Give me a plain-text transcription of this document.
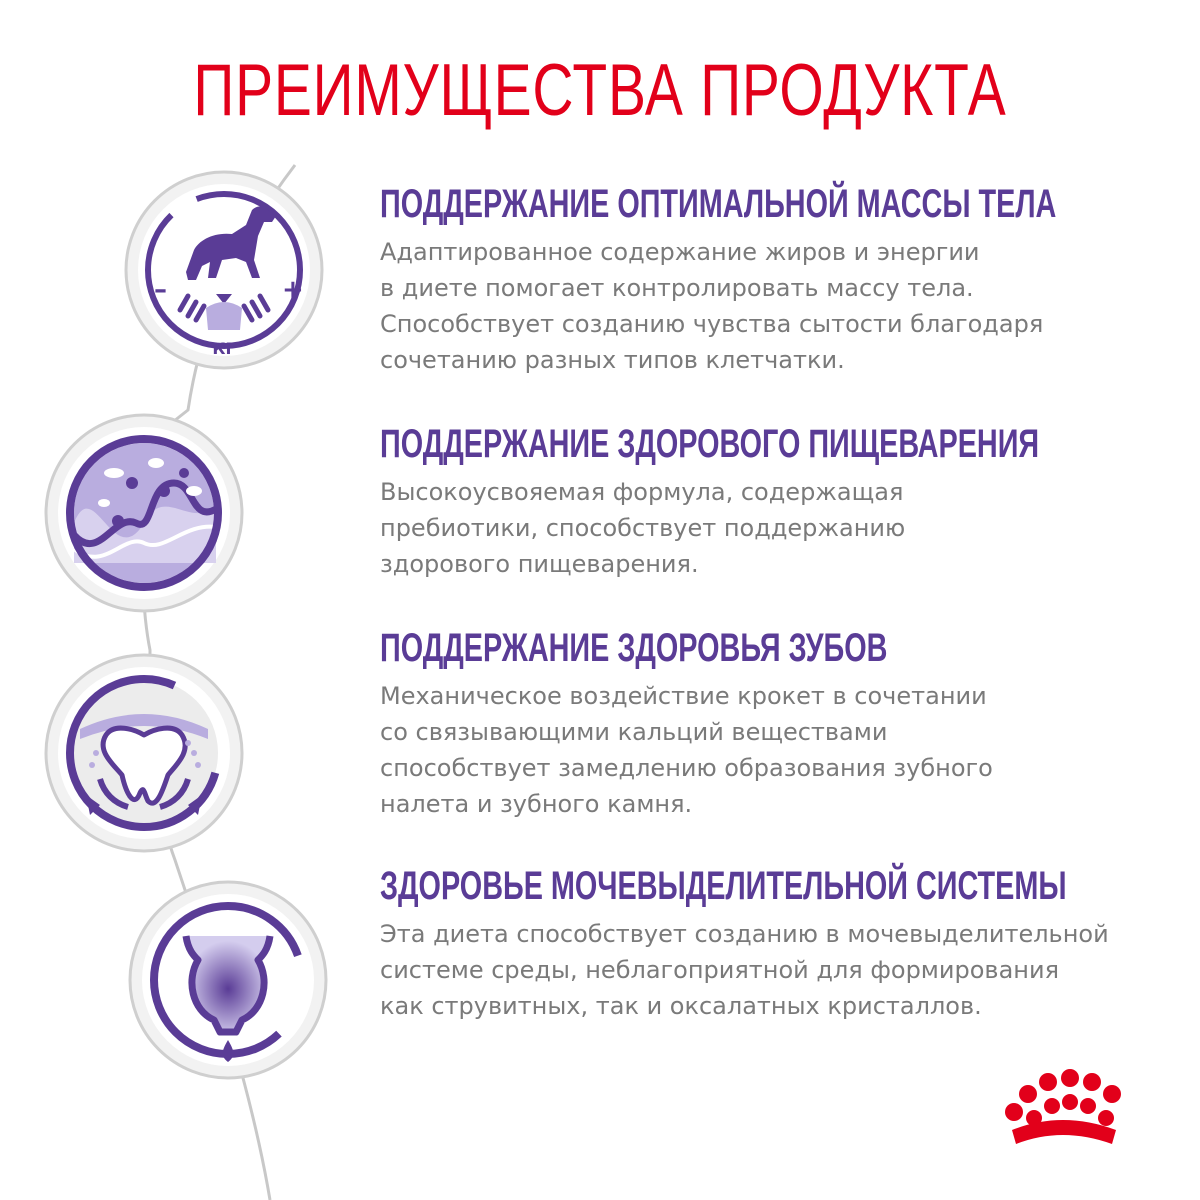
ПРЕИМУЩЕСТВА ПРОДУКТА
–	+
КГ
ПОДДЕРЖАНИЕ ОПТИМАЛЬНОЙ МАССЫ ТЕЛА

Адаптированное содержание жиров и энергии
в диете помогает контролировать массу тела.
Способствует созданию чувства сытости благодаря
сочетанию разных типов клетчатки.

ПОДДЕРЖАНИЕ ЗДОРОВОГО ПИЩЕВАРЕНИЯ

Высокоусвояемая формула, содержащая
пребиотики, способствует поддержанию
здорового пищеварения.

ПОДДЕРЖАНИЕ ЗДОРОВЬЯ ЗУБОВ

Механическое воздействие крокет в сочетании
со связывающими кальций веществами
способствует замедлению образования зубного
налета и зубного камня.

ЗДОРОВЬЕ МОЧЕВЫДЕЛИТЕЛЬНОЙ СИСТЕМЫ

Эта диета способствует созданию в мочевыделительной
системе среды, неблагоприятной для формирования
как струвитных, так и оксалатных кристаллов.
